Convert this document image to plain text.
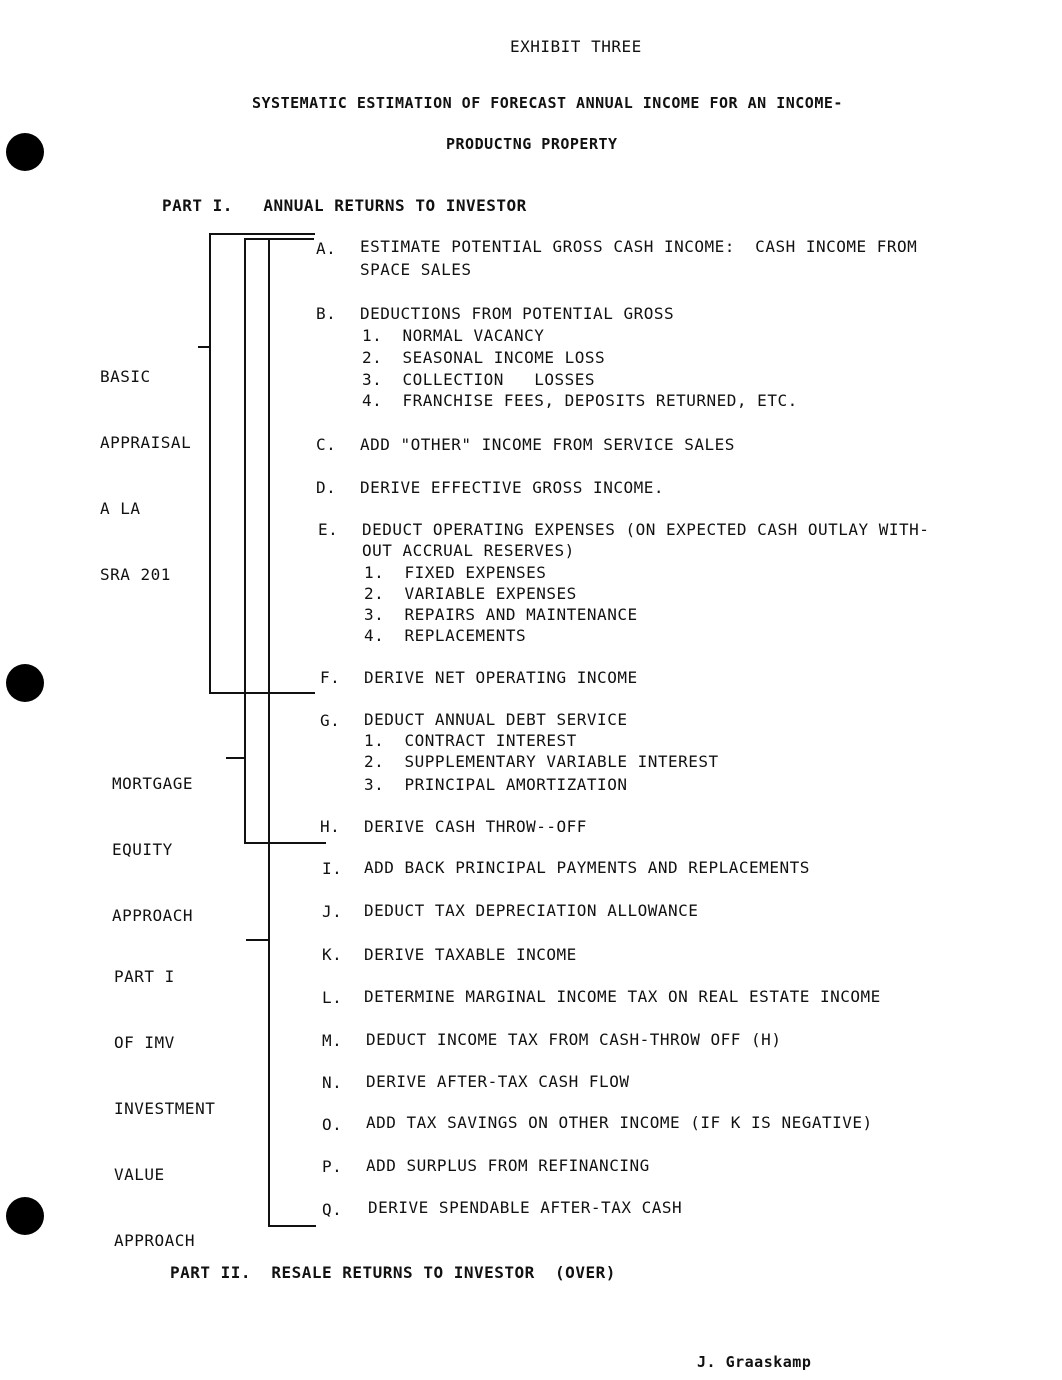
EXHIBIT THREE
SYSTEMATIC ESTIMATION OF FORECAST ANNUAL INCOME FOR AN INCOME-
PRODUCTNG PROPERTY
PART I.   ANNUAL RETURNS TO INVESTOR

BASIC

APPRAISAL

A LA

SRA 201

MORTGAGE

EQUITY

APPROACH

PART I

OF IMV

INVESTMENT

VALUE

APPROACH

A. ESTIMATE POTENTIAL GROSS CASH INCOME:  CASH INCOME FROM
SPACE SALES
B. DEDUCTIONS FROM POTENTIAL GROSS
1.  NORMAL VACANCY
2.  SEASONAL INCOME LOSS
3.  COLLECTION   LOSSES
4.  FRANCHISE FEES, DEPOSITS RETURNED, ETC.
C. ADD "OTHER" INCOME FROM SERVICE SALES
D. DERIVE EFFECTIVE GROSS INCOME.
E. DEDUCT OPERATING EXPENSES (ON EXPECTED CASH OUTLAY WITH-
OUT ACCRUAL RESERVES)
1.  FIXED EXPENSES
2.  VARIABLE EXPENSES
3.  REPAIRS AND MAINTENANCE
4.  REPLACEMENTS
F. DERIVE NET OPERATING INCOME
G. DEDUCT ANNUAL DEBT SERVICE
1.  CONTRACT INTEREST
2.  SUPPLEMENTARY VARIABLE INTEREST
3.  PRINCIPAL AMORTIZATION
H. DERIVE CASH THROW--OFF
I. ADD BACK PRINCIPAL PAYMENTS AND REPLACEMENTS
J. DEDUCT TAX DEPRECIATION ALLOWANCE
K. DERIVE TAXABLE INCOME
L. DETERMINE MARGINAL INCOME TAX ON REAL ESTATE INCOME
M. DEDUCT INCOME TAX FROM CASH-THROW OFF (H)
N. DERIVE AFTER-TAX CASH FLOW
O. ADD TAX SAVINGS ON OTHER INCOME (IF K IS NEGATIVE)
P. ADD SURPLUS FROM REFINANCING
Q. DERIVE SPENDABLE AFTER-TAX CASH
PART II.  RESALE RETURNS TO INVESTOR  (OVER)
J. Graaskamp
